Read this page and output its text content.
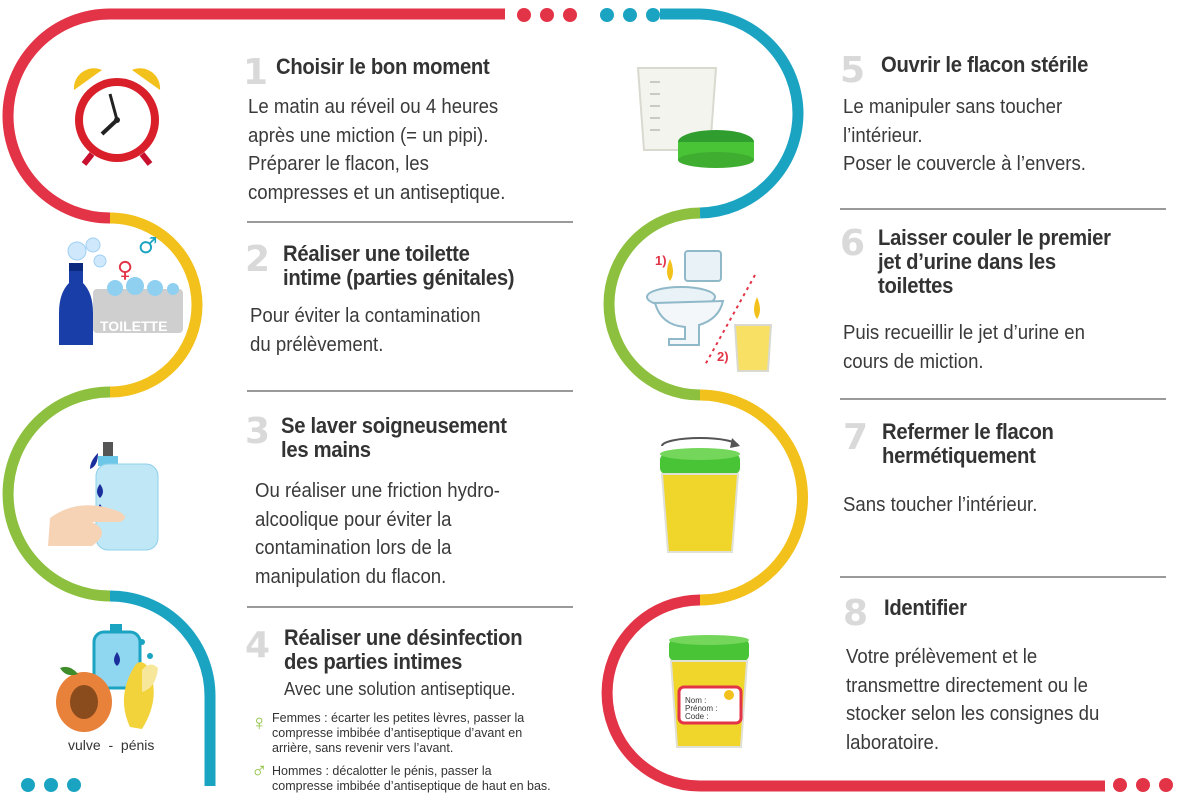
♂
♀
TOILETTE
vulve  -  pénis
1)
2)
Nom :
Prénom :
Code :
1 Choisir le bon moment
Le matin au réveil ou 4 heures
après une miction (= un pipi).
Préparer le flacon, les
compresses et un antiseptique.
2 Réaliser une toilette
intime (parties génitales)
Pour éviter la contamination
du prélèvement.
3 Se laver soigneusement
les mains
Ou réaliser une friction hydro-
alcoolique pour éviter la
contamination lors de la
manipulation du flacon.
4 Réaliser une désinfection
des parties intimes
Avec une solution antiseptique.
♀ Femmes : écarter les petites lèvres, passer la
compresse imbibée d’antiseptique d’avant en
arrière, sans revenir vers l’avant.
♂ Hommes : décalotter le pénis, passer la
compresse imbibée d’antiseptique de haut en bas.
5 Ouvrir le flacon stérile
Le manipuler sans toucher
l’intérieur.
Poser le couvercle à l’envers.
6 Laisser couler le premier
jet d’urine dans les
toilettes
Puis recueillir le jet d’urine en
cours de miction.
7 Refermer le flacon
hermétiquement
Sans toucher l’intérieur.
8 Identifier
Votre prélèvement et le
transmettre directement ou le
stocker selon les consignes du
laboratoire.
